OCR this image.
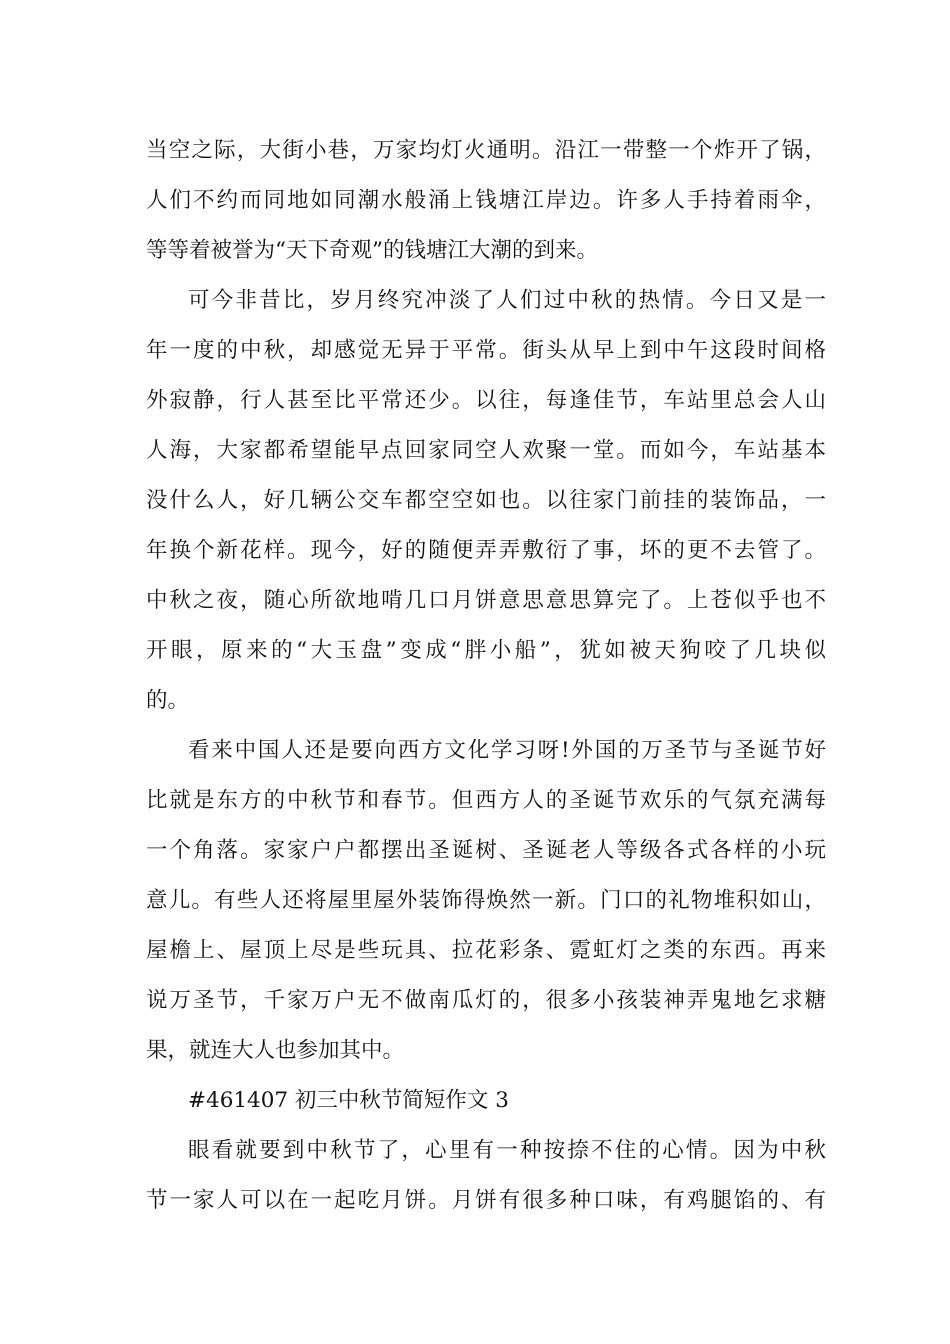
当空之际，大街小巷，万家均灯火通明。沿江一带整一个炸开了锅，
人们不约而同地如同潮水般涌上钱塘江岸边。许多人手持着雨伞，
等等着被誉为“天下奇观”的钱塘江大潮的到来。
可今非昔比，岁月终究冲淡了人们过中秋的热情。今日又是一
年一度的中秋，却感觉无异于平常。街头从早上到中午这段时间格
外寂静，行人甚至比平常还少。以往，每逢佳节，车站里总会人山
人海，大家都希望能早点回家同空人欢聚一堂。而如今，车站基本
没什么人，好几辆公交车都空空如也。以往家门前挂的装饰品，一
年换个新花样。现今，好的随便弄弄敷衍了事，坏的更不去管了。
中秋之夜，随心所欲地啃几口月饼意思意思算完了。上苍似乎也不
开眼，原来的“大玉盘”变成“胖小船”，犹如被天狗咬了几块似
的。
看来中国人还是要向西方文化学习呀!外国的万圣节与圣诞节好
比就是东方的中秋节和春节。但西方人的圣诞节欢乐的气氛充满每
一个角落。家家户户都摆出圣诞树、圣诞老人等级各式各样的小玩
意儿。有些人还将屋里屋外装饰得焕然一新。门口的礼物堆积如山，
屋檐上、屋顶上尽是些玩具、拉花彩条、霓虹灯之类的东西。再来
说万圣节，千家万户无不做南瓜灯的，很多小孩装神弄鬼地乞求糖
果，就连大人也参加其中。
#461407 初三中秋节简短作文 3
眼看就要到中秋节了，心里有一种按捺不住的心情。因为中秋
节一家人可以在一起吃月饼。月饼有很多种口味，有鸡腿馅的、有
